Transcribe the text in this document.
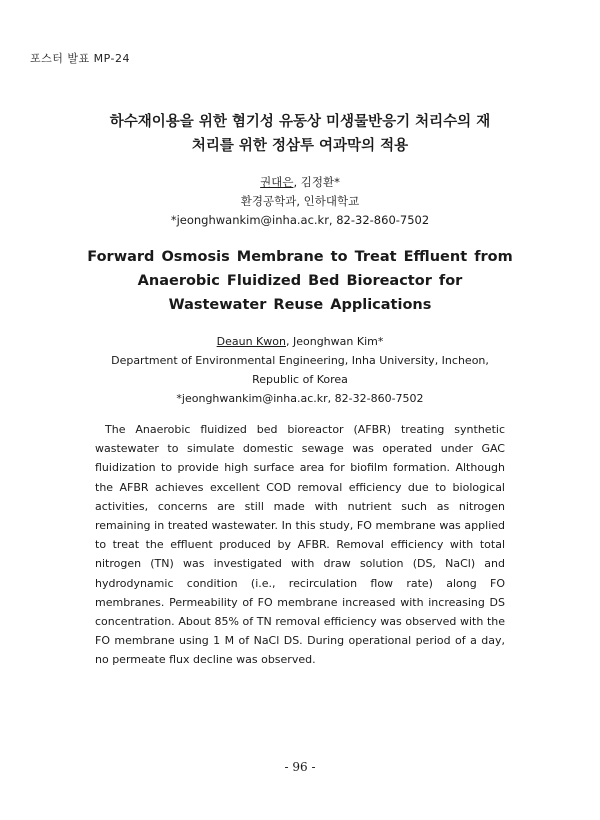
포스터 발표 MP-24
하수재이용을 위한 혐기성 유동상 미생물반응기 처리수의 재
처리를 위한 정삼투 여과막의 적용
권대은, 김정환*
환경공학과, 인하대학교
*jeonghwankim@inha.ac.kr, 82-32-860-7502
Forward Osmosis Membrane to Treat Effluent from
Anaerobic Fluidized Bed Bioreactor for
Wastewater Reuse Applications
Deaun Kwon, Jeonghwan Kim*
Department of Environmental Engineering, Inha University, Incheon,
Republic of Korea
*jeonghwankim@inha.ac.kr, 82-32-860-7502
The Anaerobic fluidized bed bioreactor (AFBR) treating synthetic wastewater to simulate domestic sewage was operated under GAC fluidization to provide high surface area for biofilm formation. Although the AFBR achieves excellent COD removal efficiency due to biological activities, concerns are still made with nutrient such as nitrogen remaining in treated wastewater. In this study, FO membrane was applied to treat the effluent produced by AFBR. Removal efficiency with total nitrogen (TN) was investigated with draw solution (DS, NaCl) and hydrodynamic condition (i.e., recirculation flow rate) along FO membranes. Permeability of FO membrane increased with increasing DS concentration. About 85% of TN removal efficiency was observed with the FO membrane using 1 M of NaCl DS. During operational period of a day, no permeate flux decline was observed.
- 96 -
